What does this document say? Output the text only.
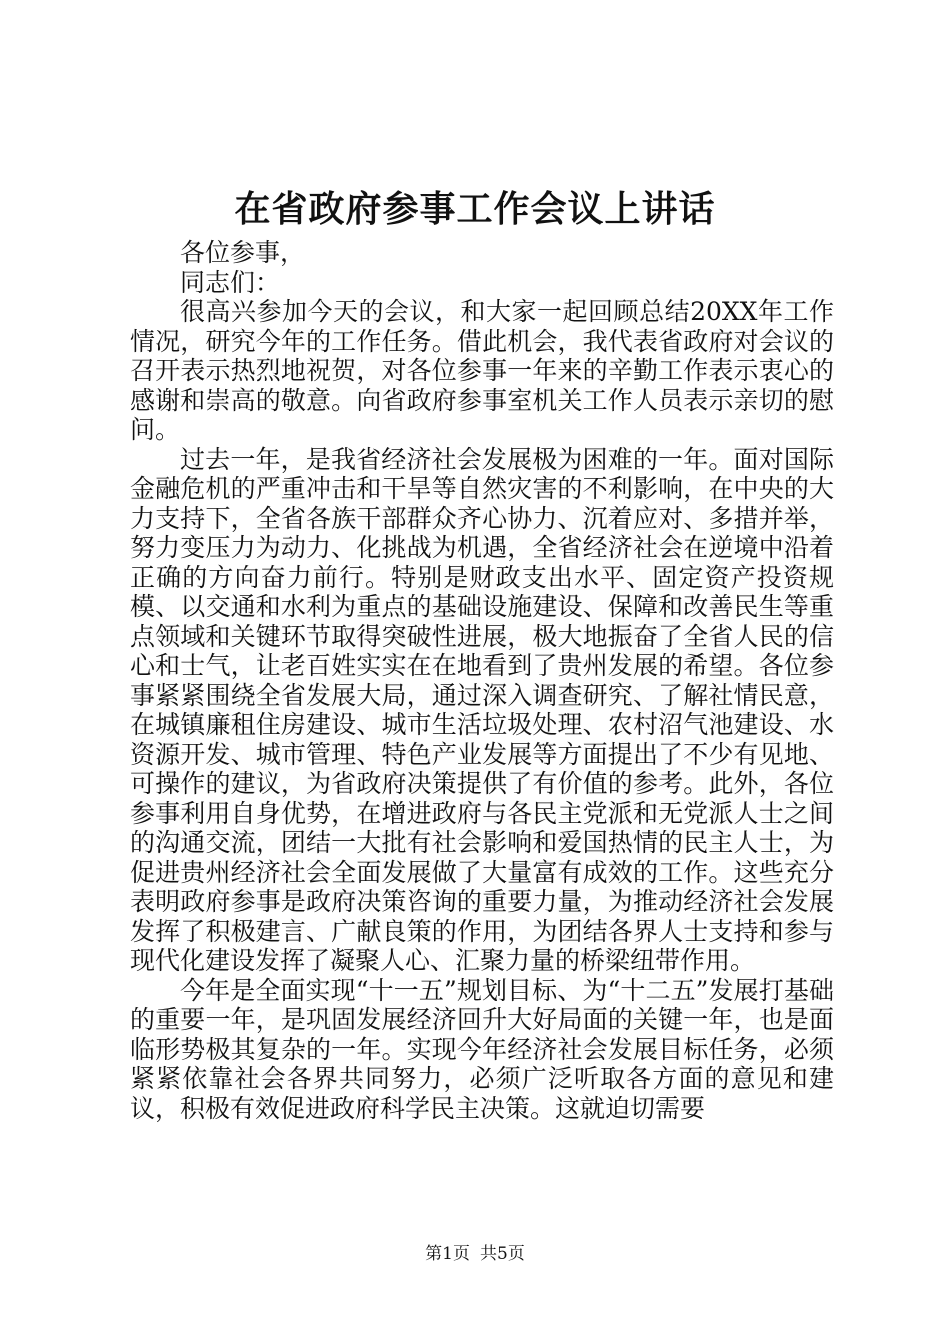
在省政府参事工作会议上讲话

各位参事，

同志们：

很高兴参加今天的会议，和大家一起回顾总结20XX年工作情况，研究今年的工作任务。借此机会，我代表省政府对会议的召开表示热烈地祝贺，对各位参事一年来的辛勤工作表示衷心的感谢和崇高的敬意。向省政府参事室机关工作人员表示亲切的慰问。

过去一年，是我省经济社会发展极为困难的一年。面对国际金融危机的严重冲击和干旱等自然灾害的不利影响，在中央的大力支持下，全省各族干部群众齐心协力、沉着应对、多措并举，努力变压力为动力、化挑战为机遇，全省经济社会在逆境中沿着正确的方向奋力前行。特别是财政支出水平、固定资产投资规模、以交通和水利为重点的基础设施建设、保障和改善民生等重点领域和关键环节取得突破性进展，极大地振奋了全省人民的信心和士气，让老百姓实实在在地看到了贵州发展的希望。各位参事紧紧围绕全省发展大局，通过深入调查研究、了解社情民意，在城镇廉租住房建设、城市生活垃圾处理、农村沼气池建设、水资源开发、城市管理、特色产业发展等方面提出了不少有见地、可操作的建议，为省政府决策提供了有价值的参考。此外，各位参事利用自身优势，在增进政府与各民主党派和无党派人士之间的沟通交流，团结一大批有社会影响和爱国热情的民主人士，为促进贵州经济社会全面发展做了大量富有成效的工作。这些充分表明政府参事是政府决策咨询的重要力量，为推动经济社会发展发挥了积极建言、广献良策的作用，为团结各界人士支持和参与现代化建设发挥了凝聚人心、汇聚力量的桥梁纽带作用。

今年是全面实现“十一五”规划目标、为“十二五”发展打基础的重要一年，是巩固发展经济回升大好局面的关键一年，也是面临形势极其复杂的一年。实现今年经济社会发展目标任务，必须紧紧依靠社会各界共同努力，必须广泛听取各方面的意见和建议，积极有效促进政府科学民主决策。这就迫切需要

第1页 共5页
